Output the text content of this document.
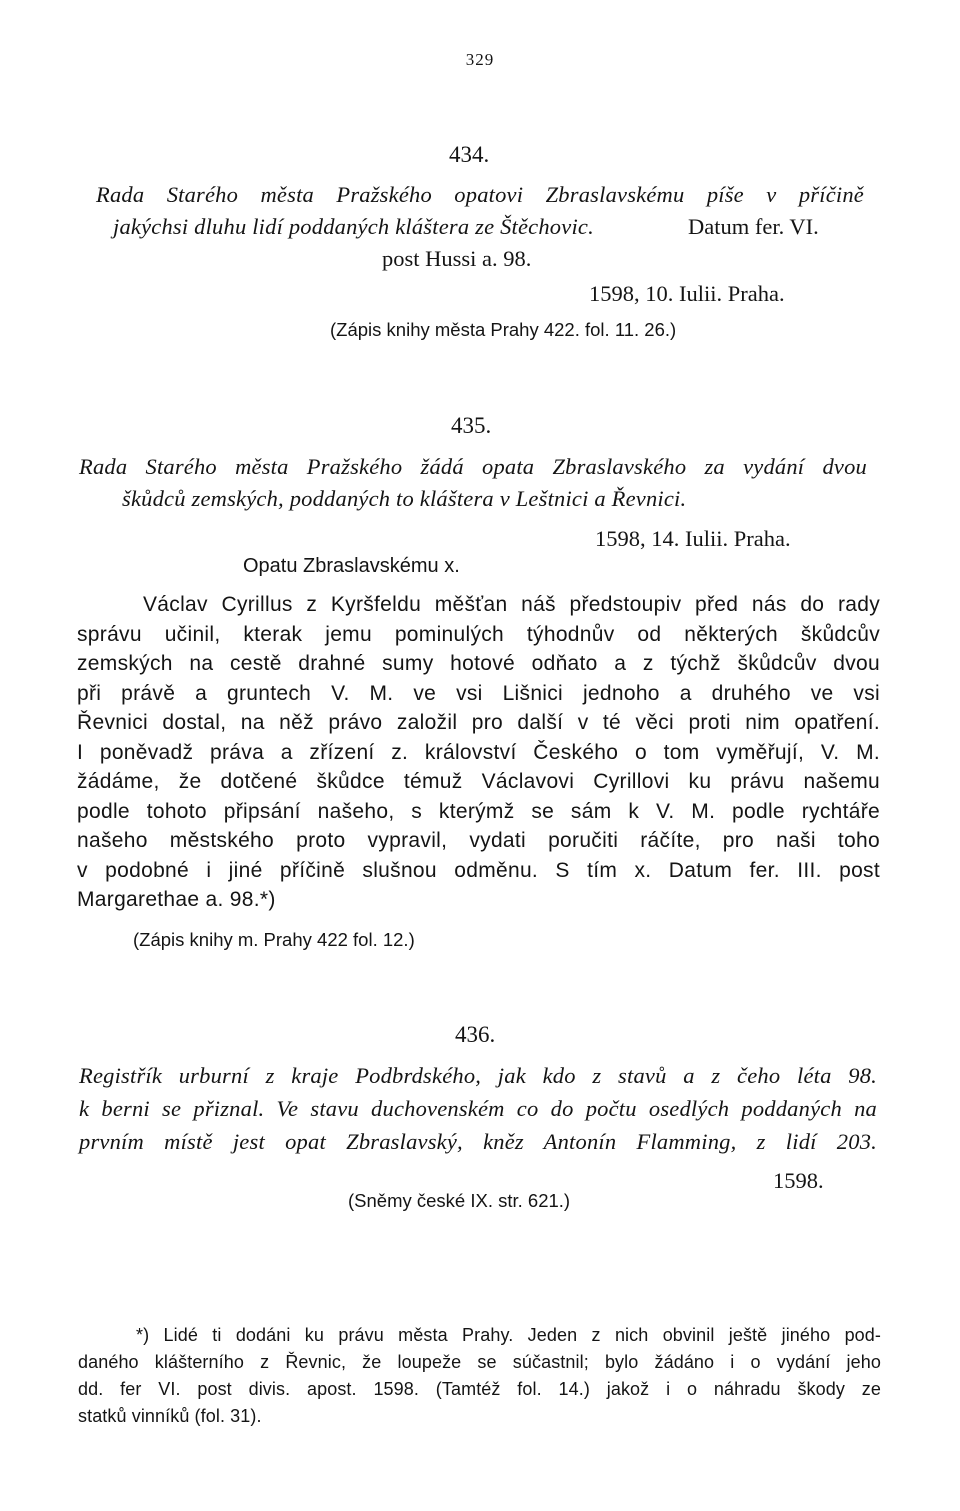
329
434.
Rada Starého města Pražského opatovi Zbraslavskému píše v příčině
jakýchsi dluhu lidí poddaných kláštera ze Štěchovic.	Datum fer. VI.
post Hussi a. 98.
1598, 10. Iulii. Praha.
(Zápis knihy města Prahy 422. fol. 11. 26.)
435.
Rada Starého města Pražského žádá opata Zbraslavského za vydání dvou
škůdců zemských, poddaných to kláštera v Leštnici a Řevnici.
1598, 14. Iulii. Praha.
Opatu Zbraslavskému x.
Václav Cyrillus z Kyršfeldu měšťan náš předstoupiv před nás do rady
správu učinil, kterak jemu pominulých týhodnův od některých škůdcův
zemských na cestě drahné sumy hotové odňato a z týchž škůdcův dvou
při právě a gruntech V. M. ve vsi Lišnici jednoho a druhého ve vsi
Řevnici dostal, na něž právo založil pro další v té věci proti nim opatření.
I poněvadž práva a zřízení z. království Českého o tom vyměřují, V. M.
žádáme, že dotčené škůdce témuž Václavovi Cyrillovi ku právu našemu
podle tohoto připsání našeho, s kterýmž se sám k V. M. podle rychtáře
našeho městského proto vypravil, vydati poručiti ráčíte, pro naši toho
v podobné i jiné příčině slušnou odměnu. S tím x. Datum fer. III. post
Margarethae a. 98.*)
(Zápis knihy m. Prahy 422 fol. 12.)
436.
Registřík urburní z kraje Podbrdského, jak kdo z stavů a z čeho léta 98.
k berni se přiznal. Ve stavu duchovenském co do počtu osedlých poddaných na
prvním místě jest opat Zbraslavský, kněz Antonín Flamming, z lidí 203.
1598.
(Sněmy české IX. str. 621.)
*) Lidé ti dodáni ku právu města Prahy. Jeden z nich obvinil ještě jiného pod-
daného klášterního z Řevnic, že loupeže se súčastnil; bylo žádáno i o vydání jeho
dd. fer VI. post divis. apost. 1598. (Tamtéž fol. 14.) jakož i o náhradu škody ze
statků vinníků (fol. 31).
